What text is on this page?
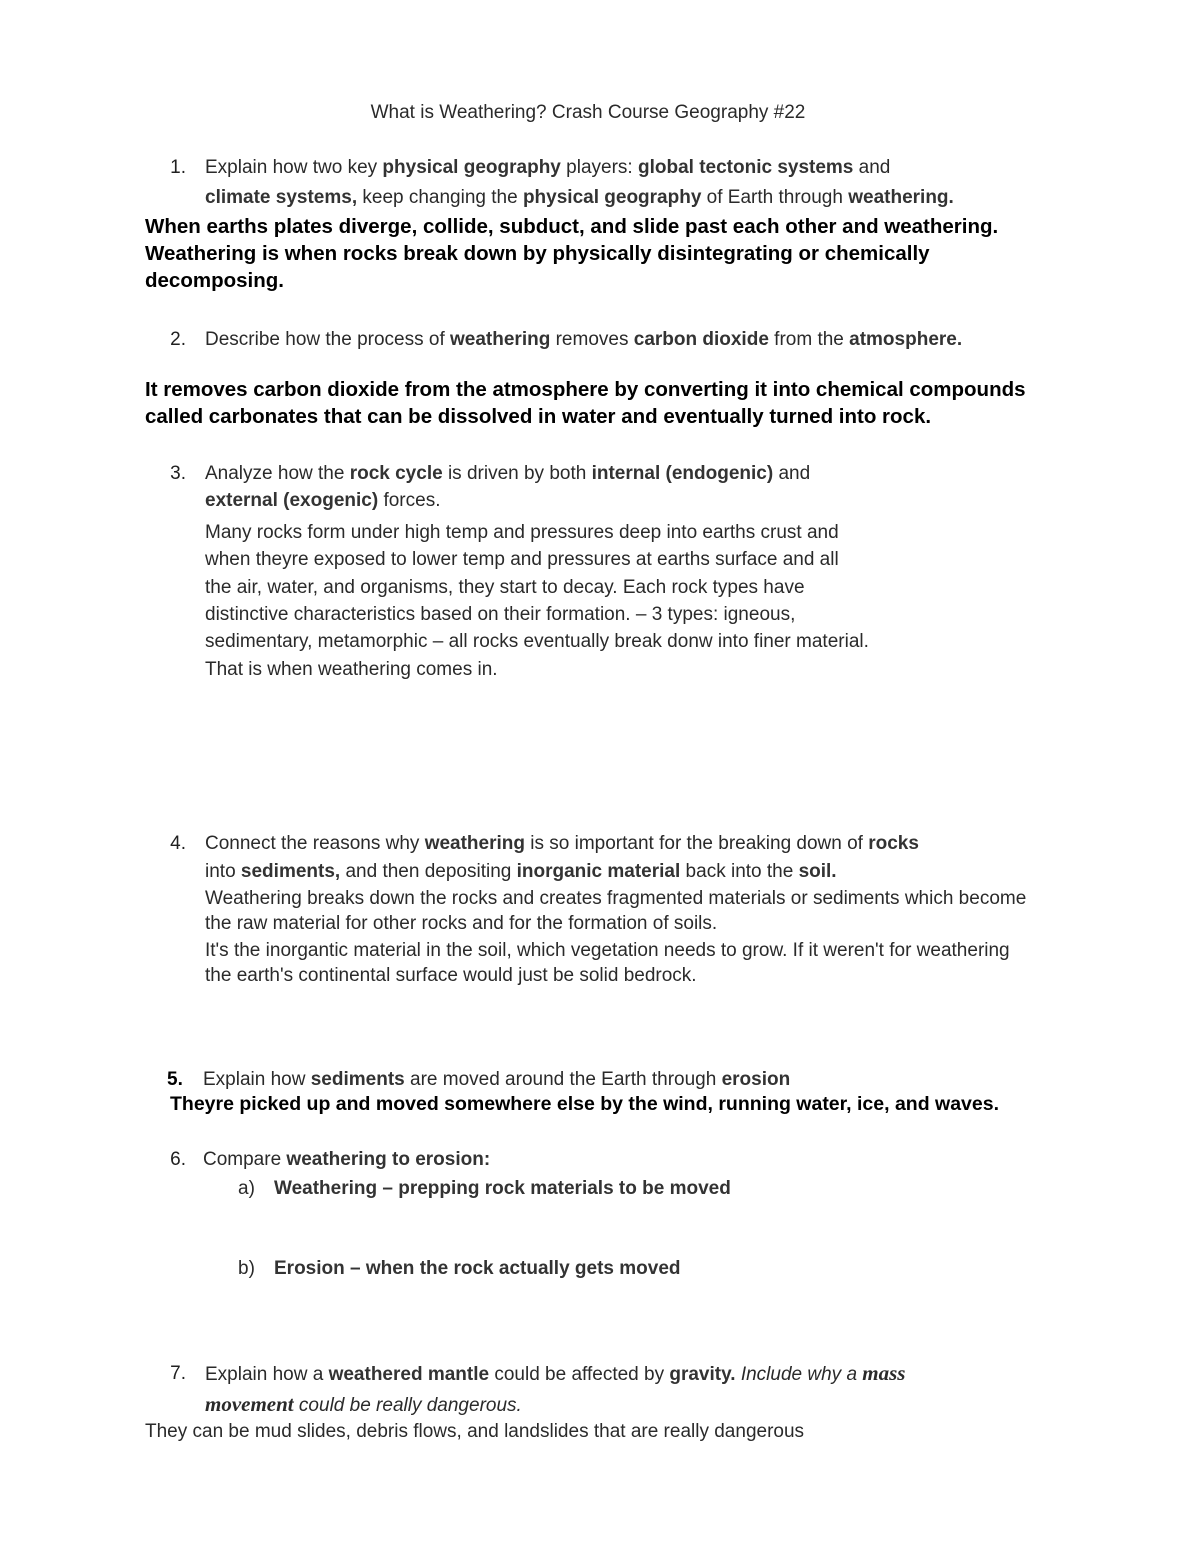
What is Weathering? Crash Course Geography #22
1. Explain how two key physical geography players: global tectonic systems and
climate systems, keep changing the physical geography of Earth through weathering.
When earths plates diverge, collide, subduct, and slide past each other and weathering.
Weathering is when rocks break down by physically disintegrating or chemically
decomposing.
2. Describe how the process of weathering removes carbon dioxide from the atmosphere.
It removes carbon dioxide from the atmosphere by converting it into chemical compounds
called carbonates that can be dissolved in water and eventually turned into rock.
3. Analyze how the rock cycle is driven by both internal (endogenic) and
external (exogenic) forces.
Many rocks form under high temp and pressures deep into earths crust and
when theyre exposed to lower temp and pressures at earths surface and all
the air, water, and organisms, they start to decay. Each rock types have
distinctive characteristics based on their formation. – 3 types: igneous,
sedimentary, metamorphic – all rocks eventually break donw into finer material.
That is when weathering comes in.
4. Connect the reasons why weathering is so important for the breaking down of rocks
into sediments, and then depositing inorganic material back into the soil.
Weathering breaks down the rocks and creates fragmented materials or sediments which become
the raw material for other rocks and for the formation of soils.
It's the inorgantic material in the soil, which vegetation needs to grow. If it weren't for weathering
the earth's continental surface would just be solid bedrock.
5. Explain how sediments are moved around the Earth through erosion
Theyre picked up and moved somewhere else by the wind, running water, ice, and waves.
6. Compare weathering to erosion:
a) Weathering – prepping rock materials to be moved
b) Erosion – when the rock actually gets moved
7. Explain how a weathered mantle could be affected by gravity. Include why a mass
movement could be really dangerous.
They can be mud slides, debris flows, and landslides that are really dangerous
